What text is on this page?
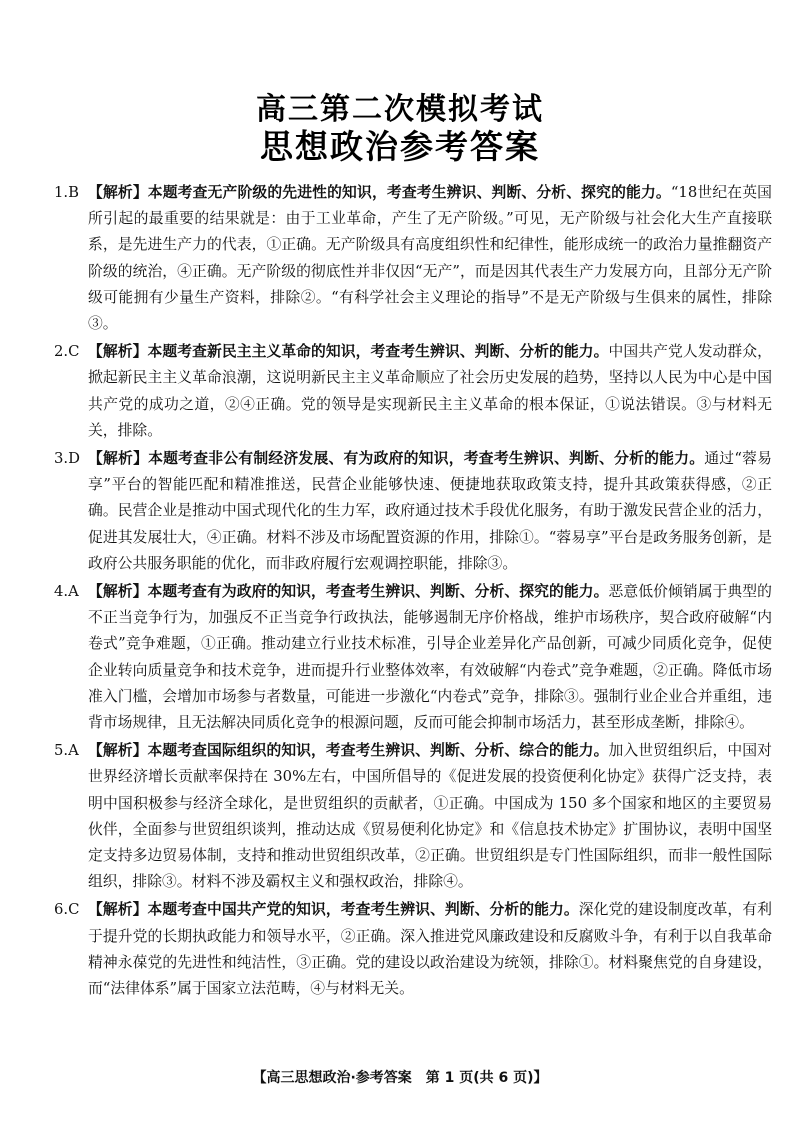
高三第二次模拟考试
思想政治参考答案
1.B 【解析】本题考查无产阶级的先进性的知识，考查考生辨识、判断、分析、探究的能力。“18世纪在英国所引起的最重要的结果就是：由于工业革命，产生了无产阶级。”可见，无产阶级与社会化大生产直接联系，是先进生产力的代表，①正确。无产阶级具有高度组织性和纪律性，能形成统一的政治力量推翻资产阶级的统治，④正确。无产阶级的彻底性并非仅因“无产”，而是因其代表生产力发展方向，且部分无产阶级可能拥有少量生产资料，排除②。“有科学社会主义理论的指导”不是无产阶级与生俱来的属性，排除③。
2.C 【解析】本题考查新民主主义革命的知识，考查考生辨识、判断、分析的能力。中国共产党人发动群众，掀起新民主主义革命浪潮，这说明新民主主义革命顺应了社会历史发展的趋势，坚持以人民为中心是中国共产党的成功之道，②④正确。党的领导是实现新民主主义革命的根本保证，①说法错误。③与材料无关，排除。
3.D 【解析】本题考查非公有制经济发展、有为政府的知识，考查考生辨识、判断、分析的能力。通过“蓉易享”平台的智能匹配和精准推送，民营企业能够快速、便捷地获取政策支持，提升其政策获得感，②正确。民营企业是推动中国式现代化的生力军，政府通过技术手段优化服务，有助于激发民营企业的活力，促进其发展壮大，④正确。材料不涉及市场配置资源的作用，排除①。“蓉易享”平台是政务服务创新，是政府公共服务职能的优化，而非政府履行宏观调控职能，排除③。
4.A 【解析】本题考查有为政府的知识，考查考生辨识、判断、分析、探究的能力。恶意低价倾销属于典型的不正当竞争行为，加强反不正当竞争行政执法，能够遏制无序价格战，维护市场秩序，契合政府破解“内卷式”竞争难题，①正确。推动建立行业技术标准，引导企业差异化产品创新，可减少同质化竞争，促使企业转向质量竞争和技术竞争，进而提升行业整体效率，有效破解“内卷式”竞争难题，②正确。降低市场准入门槛，会增加市场参与者数量，可能进一步激化“内卷式”竞争，排除③。强制行业企业合并重组，违背市场规律，且无法解决同质化竞争的根源问题，反而可能会抑制市场活力，甚至形成垄断，排除④。
5.A 【解析】本题考查国际组织的知识，考查考生辨识、判断、分析、综合的能力。加入世贸组织后，中国对世界经济增长贡献率保持在 30%左右，中国所倡导的《促进发展的投资便利化协定》获得广泛支持，表明中国积极参与经济全球化，是世贸组织的贡献者，①正确。中国成为 150 多个国家和地区的主要贸易伙伴，全面参与世贸组织谈判，推动达成《贸易便利化协定》和《信息技术协定》扩围协议，表明中国坚定支持多边贸易体制，支持和推动世贸组织改革，②正确。世贸组织是专门性国际组织，而非一般性国际组织，排除③。材料不涉及霸权主义和强权政治，排除④。
6.C 【解析】本题考查中国共产党的知识，考查考生辨识、判断、分析的能力。深化党的建设制度改革，有利于提升党的长期执政能力和领导水平，②正确。深入推进党风廉政建设和反腐败斗争，有利于以自我革命精神永葆党的先进性和纯洁性，③正确。党的建设以政治建设为统领，排除①。材料聚焦党的自身建设，而“法律体系”属于国家立法范畴，④与材料无关。
【高三思想政治·参考答案　第 1 页(共 6 页)】
